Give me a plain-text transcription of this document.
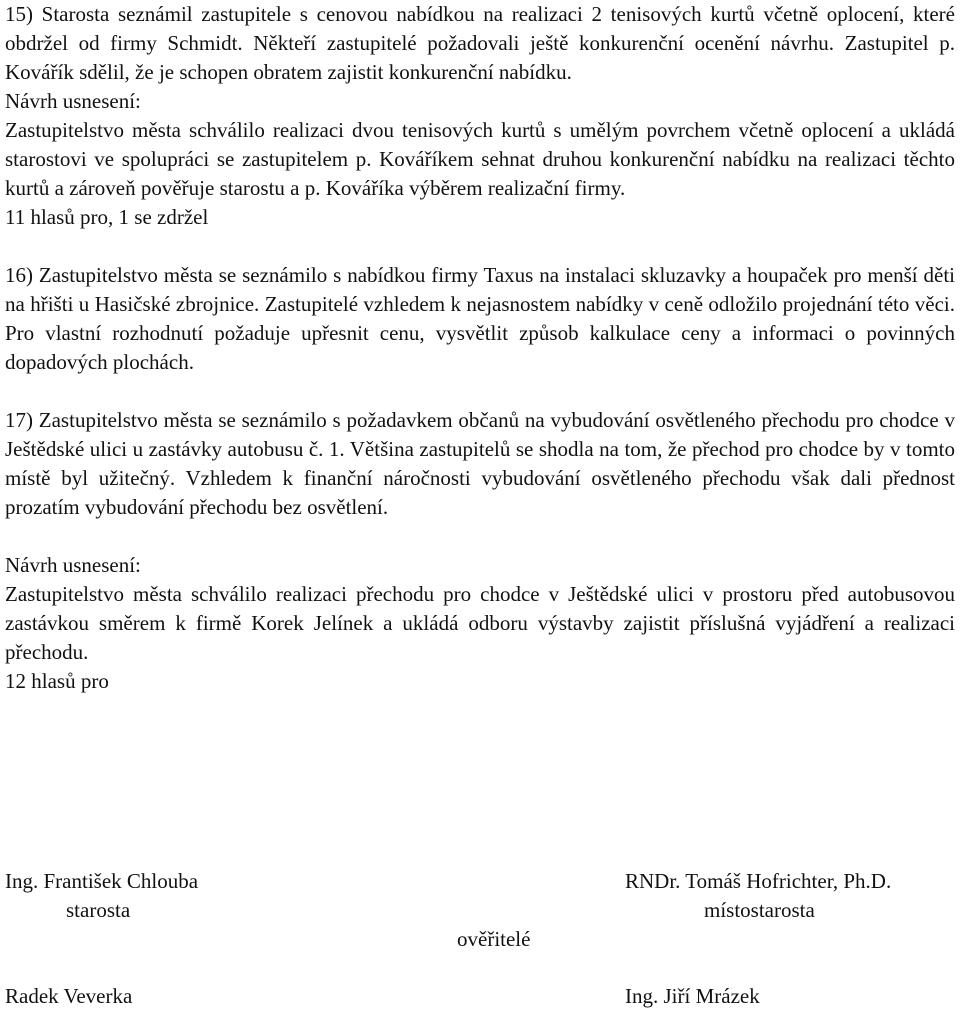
15) Starosta seznámil zastupitele s cenovou nabídkou na realizaci 2 tenisových kurtů včetně oplocení, které obdržel od firmy Schmidt. Někteří zastupitelé požadovali ještě konkurenční ocenění návrhu. Zastupitel p. Kovářík sdělil, že je schopen obratem zajistit konkurenční nabídku.

Návrh usnesení:

Zastupitelstvo města schválilo realizaci dvou tenisových kurtů s umělým povrchem včetně oplocení a ukládá starostovi ve spolupráci se zastupitelem p. Kováříkem sehnat druhou konkurenční nabídku na realizaci těchto kurtů a zároveň pověřuje starostu a p. Kováříka výběrem realizační firmy.

11 hlasů pro, 1 se zdržel

16) Zastupitelstvo města se seznámilo s nabídkou firmy Taxus na instalaci skluzavky a houpaček pro menší děti na hřišti u Hasičské zbrojnice. Zastupitelé vzhledem k nejasnostem nabídky v ceně odložilo projednání této věci. Pro vlastní rozhodnutí požaduje upřesnit cenu, vysvětlit způsob kalkulace ceny a informaci o povinných dopadových plochách.

17) Zastupitelstvo města se seznámilo s požadavkem občanů na vybudování osvětleného přechodu pro chodce v Ještědské ulici u zastávky autobusu č. 1. Většina zastupitelů se shodla na tom, že přechod pro chodce by v tomto místě byl užitečný. Vzhledem k finanční náročnosti vybudování osvětleného přechodu však dali přednost prozatím vybudování přechodu bez osvětlení.

Návrh usnesení:

Zastupitelstvo města schválilo realizaci přechodu pro chodce v Ještědské ulici v prostoru před autobusovou zastávkou směrem k firmě Korek Jelínek a ukládá odboru výstavby zajistit příslušná vyjádření a realizaci přechodu.

12 hlasů pro

Ing. František Chlouba
starosta
RNDr. Tomáš Hofrichter, Ph.D.
místostarosta
ověřitelé
Radek Veverka	Ing. Jiří Mrázek
